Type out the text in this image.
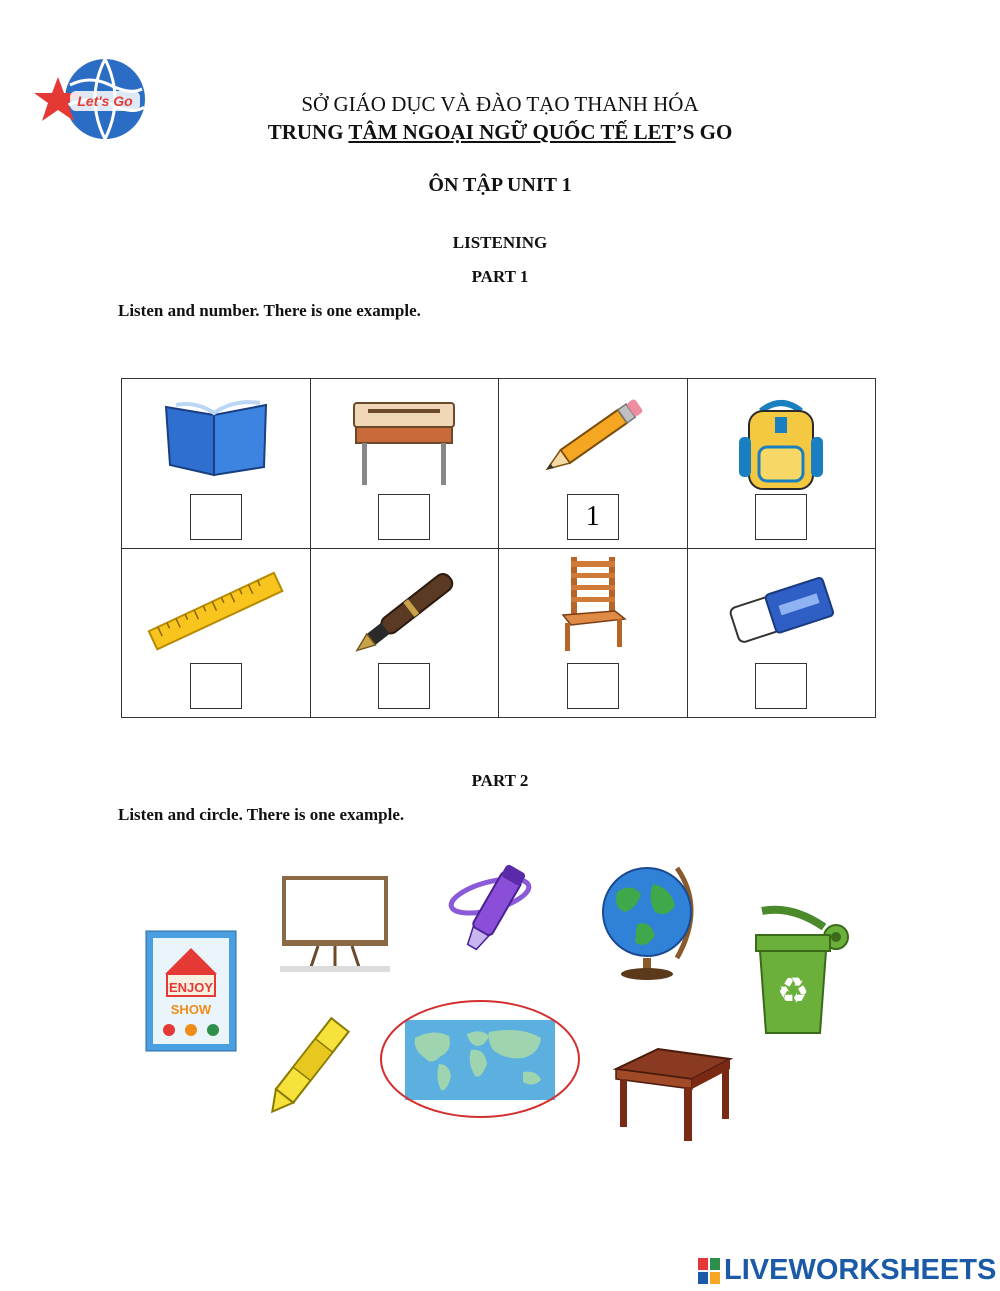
Let's Go	SỞ GIÁO DỤC VÀ ĐÀO TẠO THANH HÓA
TRUNG TÂM NGOẠI NGỮ QUỐC TẾ LET’S GO
ÔN TẬP UNIT 1
LISTENING
PART 1
Listen and number. There is one example.

1	

PART 2
Listen and circle. There is one example.
ENJOY
SHOW	♻
LIVEWORKSHEETS
